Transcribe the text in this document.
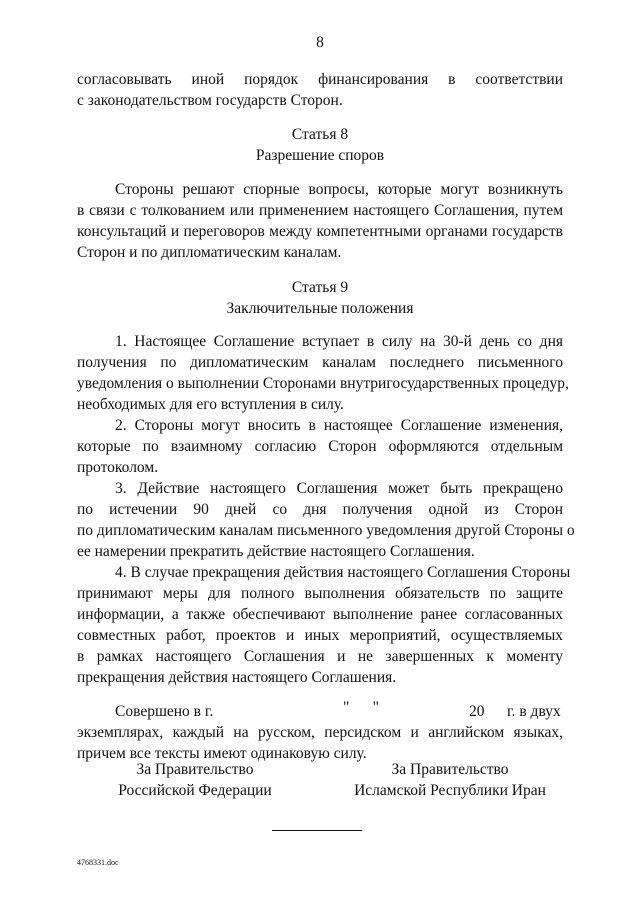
8
согласовывать иной порядок финансирования в соответствии
с законодательством государств Сторон.
Статья 8
Разрешение споров
Стороны решают спорные вопросы, которые могут возникнуть
в связи с толкованием или применением настоящего Соглашения, путем
консультаций и переговоров между компетентными органами государств
Сторон и по дипломатическим каналам.
Статья 9
Заключительные положения
1. Настоящее Соглашение вступает в силу на 30-й день со дня
получения по дипломатическим каналам последнего письменного
уведомления о выполнении Сторонами внутригосударственных процедур,
необходимых для его вступления в силу.
2. Стороны могут вносить в настоящее Соглашение изменения,
которые по взаимному согласию Сторон оформляются отдельным
протоколом.
3. Действие настоящего Соглашения может быть прекращено
по истечении 90 дней со дня получения одной из Сторон
по дипломатическим каналам письменного уведомления другой Стороны о
ее намерении прекратить действие настоящего Соглашения.
4. В случае прекращения действия настоящего Соглашения Стороны
принимают меры для полного выполнения обязательств по защите
информации, а также обеспечивают выполнение ранее согласованных
совместных работ, проектов и иных мероприятий, осуществляемых
в рамках настоящего Соглашения и не завершенных к моменту
прекращения действия настоящего Соглашения.
Совершено в г.	"      "	20 г. в двух
экземплярах, каждый на русском, персидском и английском языках,
причем все тексты имеют одинаковую силу.
За Правительство
Российской Федерации
За Правительство
Исламской Республики Иран
4768331.doc
